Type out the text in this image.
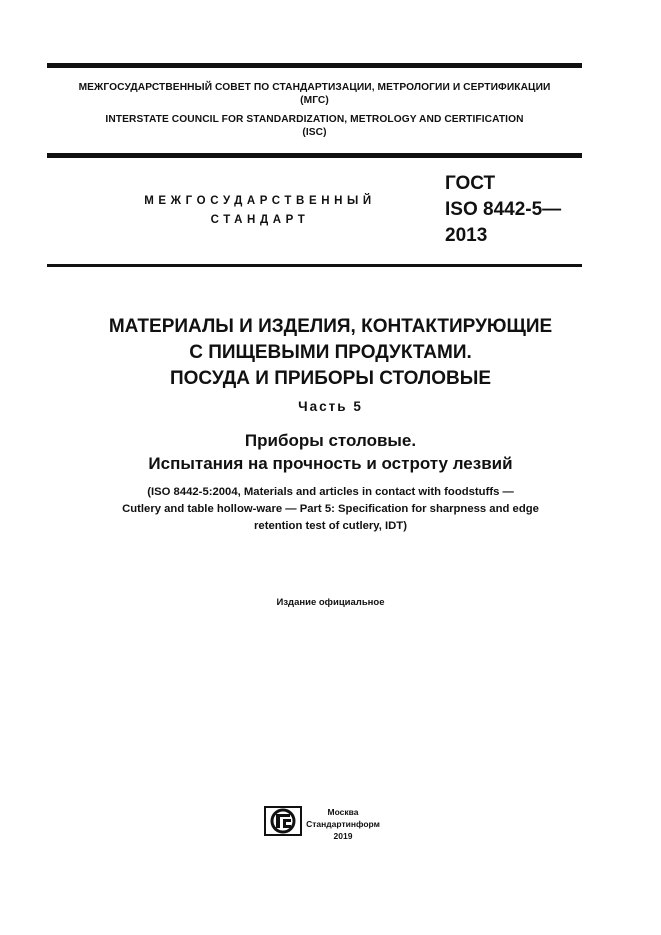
МЕЖГОСУДАРСТВЕННЫЙ СОВЕТ ПО СТАНДАРТИЗАЦИИ, МЕТРОЛОГИИ И СЕРТИФИКАЦИИ
(МГС)
INTERSTATE COUNCIL FOR STANDARDIZATION, METROLOGY AND CERTIFICATION
(ISC)
МЕЖГОСУДАРСТВЕННЫЙ
СТАНДАРТ
ГОСТ
ISO 8442-5—
2013
МАТЕРИАЛЫ И ИЗДЕЛИЯ, КОНТАКТИРУЮЩИЕ
С ПИЩЕВЫМИ ПРОДУКТАМИ.
ПОСУДА И ПРИБОРЫ СТОЛОВЫЕ
Часть 5
Приборы столовые.
Испытания на прочность и остроту лезвий
(ISO 8442-5:2004, Materials and articles in contact with foodstuffs —
Cutlery and table hollow-ware — Part 5: Specification for sharpness and edge
retention test of cutlery, IDT)
Издание официальное
Москва
Стандартинформ
2019
